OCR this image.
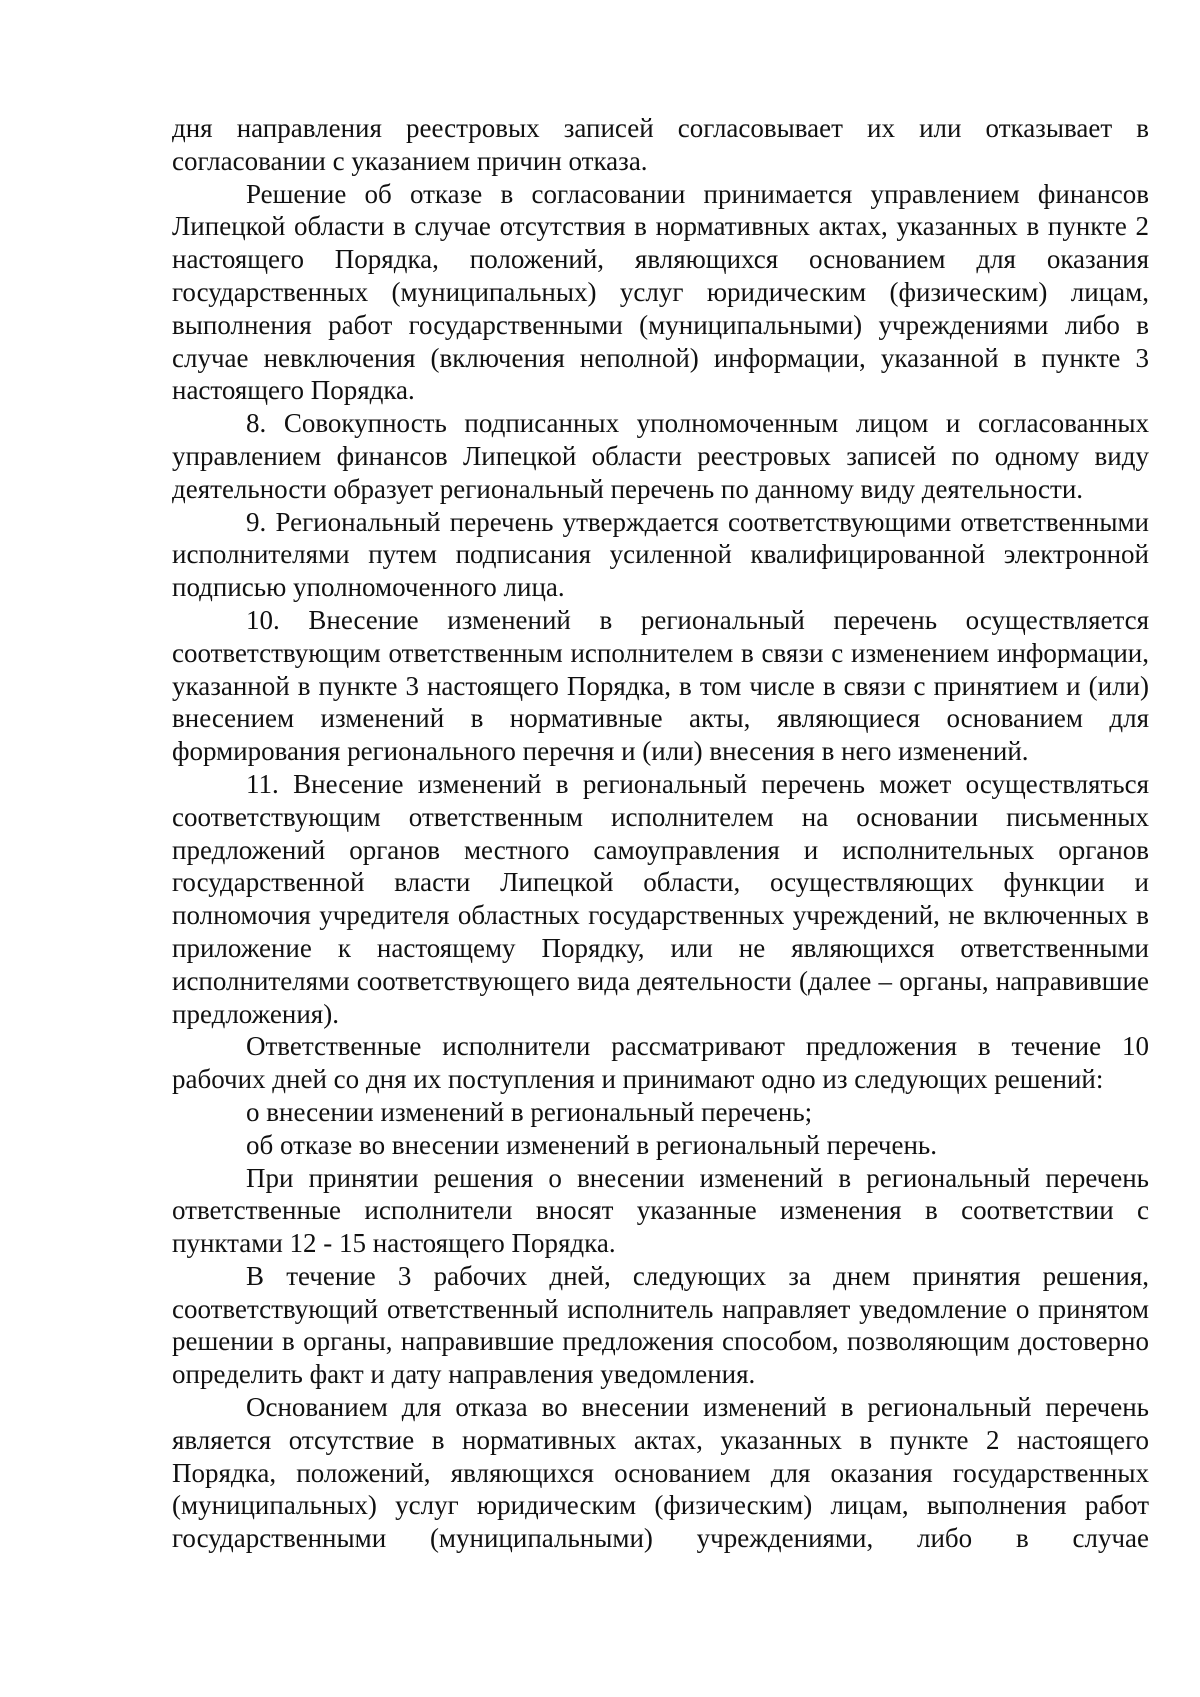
дня направления реестровых записей согласовывает их или отказывает в согласовании с указанием причин отказа.

Решение об отказе в согласовании принимается управлением финансов Липецкой области в случае отсутствия в нормативных актах, указанных в пункте 2 настоящего Порядка, положений, являющихся основанием для оказания государственных (муниципальных) услуг юридическим (физическим) лицам, выполнения работ государственными (муниципальными) учреждениями либо в случае невключения (включения неполной) информации, указанной в пункте 3 настоящего Порядка.

8. Совокупность подписанных уполномоченным лицом и согласованных управлением финансов Липецкой области реестровых записей по одному виду деятельности образует региональный перечень по данному виду деятельности.

9. Региональный перечень утверждается соответствующими ответственными исполнителями путем подписания усиленной квалифицированной электронной подписью уполномоченного лица.

10. Внесение изменений в региональный перечень осуществляется соответствующим ответственным исполнителем в связи с изменением информации, указанной в пункте 3 настоящего Порядка, в том числе в связи с принятием и (или) внесением изменений в нормативные акты, являющиеся основанием для формирования регионального перечня и (или) внесения в него изменений.

11. Внесение изменений в региональный перечень может осуществляться соответствующим ответственным исполнителем на основании письменных предложений органов местного самоуправления и исполнительных органов государственной власти Липецкой области, осуществляющих функции и полномочия учредителя областных государственных учреждений, не включенных в приложение к настоящему Порядку, или не являющихся ответственными исполнителями соответствующего вида деятельности (далее – органы, направившие предложения).

Ответственные исполнители рассматривают предложения в течение 10 рабочих дней со дня их поступления и принимают одно из следующих решений:

о внесении изменений в региональный перечень;

об отказе во внесении изменений в региональный перечень.

При принятии решения о внесении изменений в региональный перечень ответственные исполнители вносят указанные изменения в соответствии с пунктами 12 - 15 настоящего Порядка.

В течение 3 рабочих дней, следующих за днем принятия решения, соответствующий ответственный исполнитель направляет уведомление о принятом решении в органы, направившие предложения способом, позволяющим достоверно определить факт и дату направления уведомления.

Основанием для отказа во внесении изменений в региональный перечень является отсутствие в нормативных актах, указанных в пункте 2 настоящего Порядка, положений, являющихся основанием для оказания государственных (муниципальных) услуг юридическим (физическим) лицам, выполнения работ государственными (муниципальными) учреждениями, либо в случае
